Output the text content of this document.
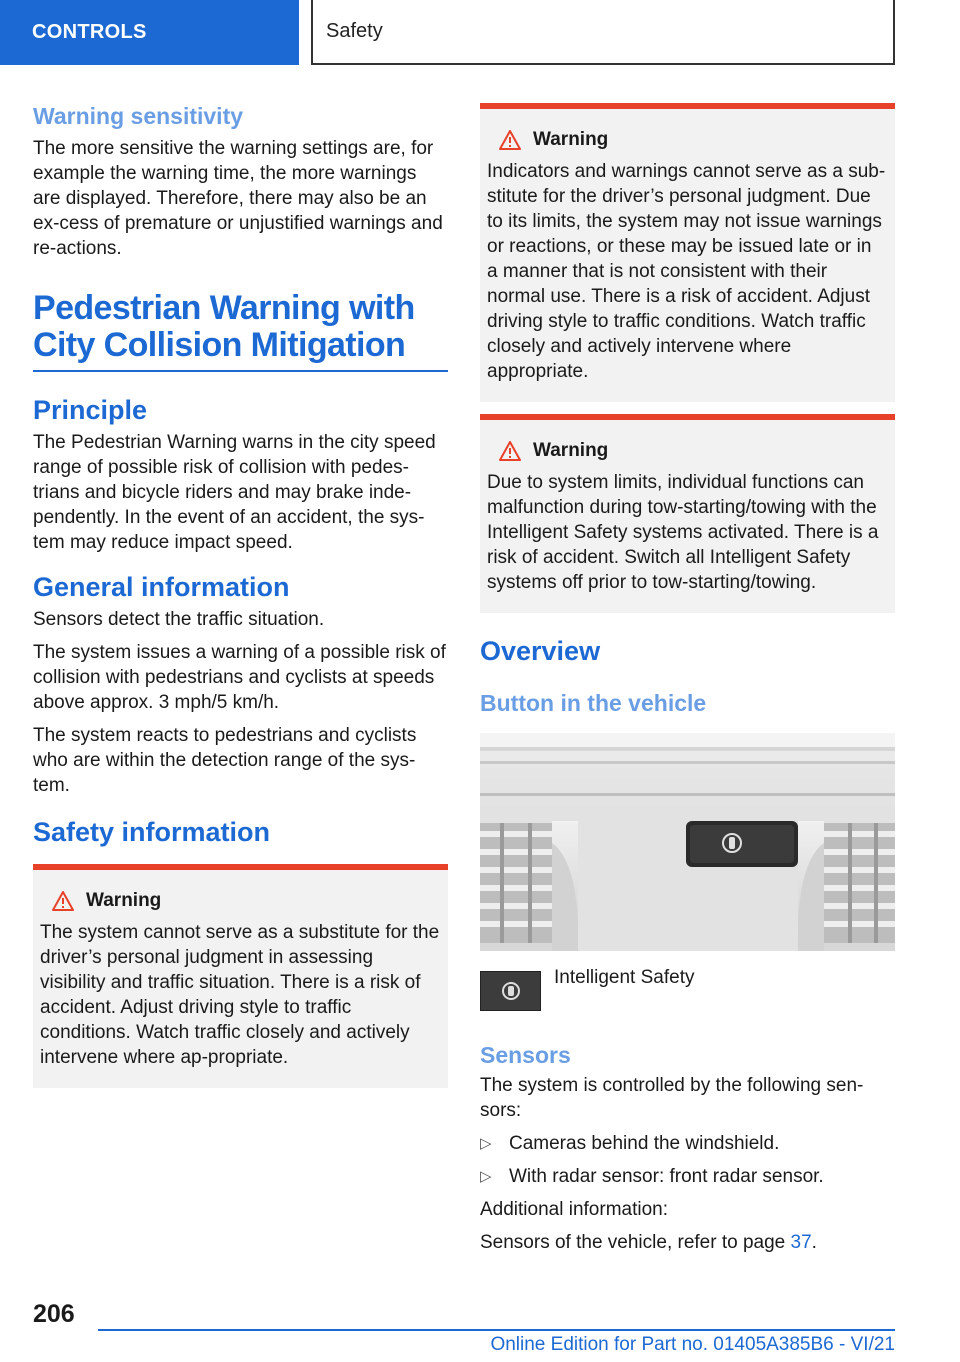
CONTROLS	Safety
Warning sensitivity

The more sensitive the warning settings are, for example the warning time, the more warnings are displayed. Therefore, there may also be an ex-cess of premature or unjustified warnings and re-actions.

Pedestrian Warning with City Collision Mitigation
Principle

The Pedestrian Warning warns in the city speed range of possible risk of collision with pedes-trians and bicycle riders and may brake inde-pendently. In the event of an accident, the sys-tem may reduce impact speed.

General information

Sensors detect the traffic situation.

The system issues a warning of a possible risk of collision with pedestrians and cyclists at speeds above approx. 3 mph/5 km/h.

The system reacts to pedestrians and cyclists who are within the detection range of the sys-tem.

Safety information
Warning

The system cannot serve as a substitute for the driver’s personal judgment in assessing visibility and traffic situation. There is a risk of accident. Adjust driving style to traffic conditions. Watch traffic closely and actively intervene where ap-propriate.

Warning

Indicators and warnings cannot serve as a sub-stitute for the driver’s personal judgment. Due to its limits, the system may not issue warnings or reactions, or these may be issued late or in a manner that is not consistent with their normal use. There is a risk of accident. Adjust driving style to traffic conditions. Watch traffic closely and actively intervene where appropriate.

Warning

Due to system limits, individual functions can malfunction during tow-starting/towing with the Intelligent Safety systems activated. There is a risk of accident. Switch all Intelligent Safety systems off prior to tow-starting/towing.

Overview
Button in the vehicle
Intelligent Safety
Sensors

The system is controlled by the following sen-sors:

▷ Cameras behind the windshield.
▷ With radar sensor: front radar sensor.

Additional information:

Sensors of the vehicle, refer to page 37.

206
Online Edition for Part no. 01405A385B6 - VI/21
